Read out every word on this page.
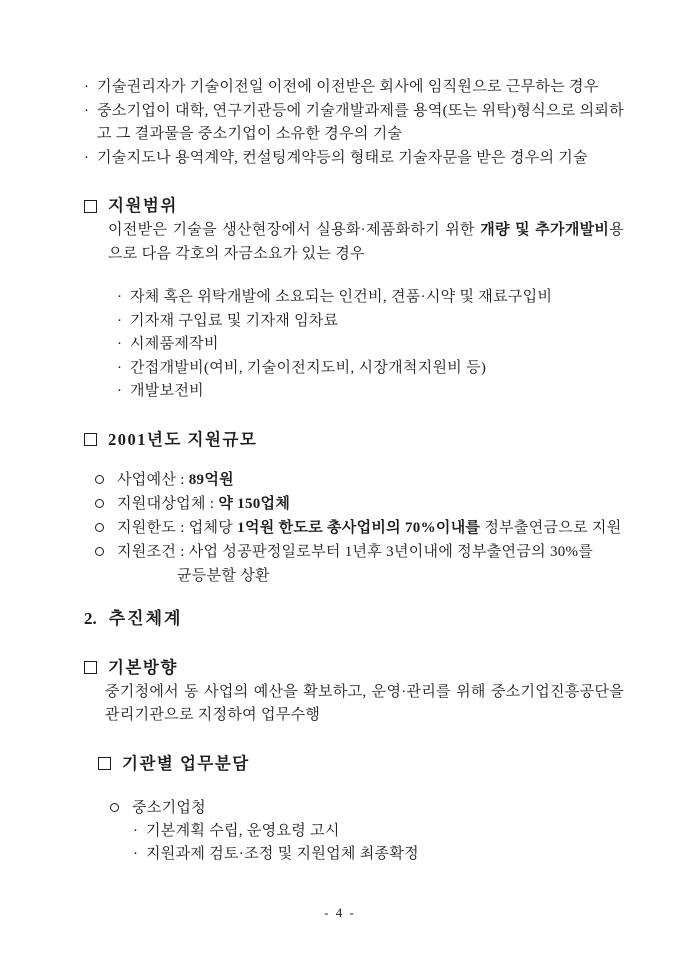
· 기술권리자가 기술이전일 이전에 이전받은 회사에 임직원으로 근무하는 경우
· 중소기업이 대학, 연구기관등에 기술개발과제를 용역(또는 위탁)형식으로 의뢰하고 그 결과물을 중소기업이 소유한 경우의 기술
· 기술지도나 용역계약, 컨설팅계약등의 형태로 기술자문을 받은 경우의 기술
지원범위
이전받은 기술을 생산현장에서 실용화·제품화하기 위한 개량 및 추가개발비용으로 다음 각호의 자금소요가 있는 경우
· 자체 혹은 위탁개발에 소요되는 인건비, 견품·시약 및 재료구입비
· 기자재 구입료 및 기자재 임차료
· 시제품제작비
· 간접개발비(여비, 기술이전지도비, 시장개척지원비 등)
· 개발보전비
2001년도 지원규모
사업예산 : 89억원
지원대상업체 : 약 150업체
지원한도 : 업체당 1억원 한도로 총사업비의 70%이내를 정부출연금으로 지원
지원조건 : 사업 성공판정일로부터 1년후 3년이내에 정부출연금의 30%를
균등분할 상환
2. 추진체계
기본방향
중기청에서 동 사업의 예산을 확보하고, 운영·관리를 위해 중소기업진흥공단을 관리기관으로 지정하여 업무수행
기관별 업무분담
중소기업청
· 기본계획 수립, 운영요령 고시
· 지원과제 검토·조정 및 지원업체 최종확정
- 4 -
